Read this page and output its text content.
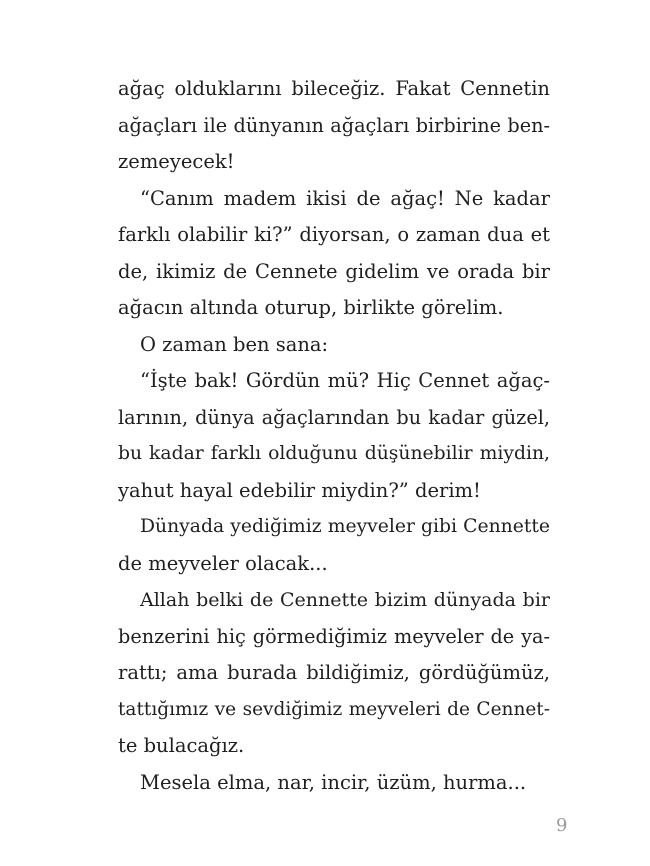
ağaç olduklarını bileceğiz. Fakat Cennetin
ağaçları ile dünyanın ağaçları birbirine ben-
zemeyecek!
“Canım madem ikisi de ağaç! Ne kadar
farklı olabilir ki?” diyorsan, o zaman dua et
de, ikimiz de Cennete gidelim ve orada bir
ağacın altında oturup, birlikte görelim.
O zaman ben sana:
“İşte bak! Gördün mü? Hiç Cennet ağaç-
larının, dünya ağaçlarından bu kadar güzel,
bu kadar farklı olduğunu düşünebilir miydin,
yahut hayal edebilir miydin?” derim!
Dünyada yediğimiz meyveler gibi Cennette
de meyveler olacak...
Allah belki de Cennette bizim dünyada bir
benzerini hiç görmediğimiz meyveler de ya-
rattı; ama burada bildiğimiz, gördüğümüz,
tattığımız ve sevdiğimiz meyveleri de Cennet-
te bulacağız.
Mesela elma, nar, incir, üzüm, hurma...
9
